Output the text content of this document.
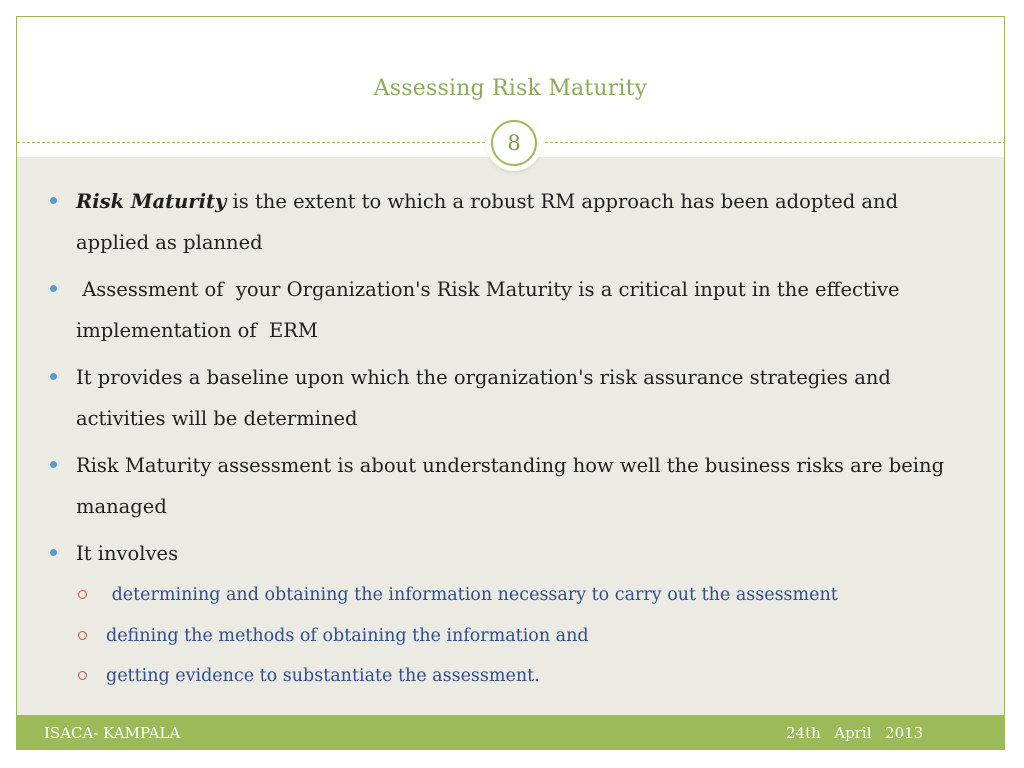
Assessing Risk Maturity
8
Risk Maturity is the extent to which a robust RM approach has been adopted and applied as planned
Assessment of  your Organization's Risk Maturity is a critical input in the effective implementation of  ERM
It provides a baseline upon which the organization's risk assurance strategies and activities will be determined
Risk Maturity assessment is about understanding how well the business risks are being managed
It involves
determining and obtaining the information necessary to carry out the assessment
defining the methods of obtaining the information and
getting evidence to substantiate the assessment.
ISACA- KAMPALA	24th  April  2013
